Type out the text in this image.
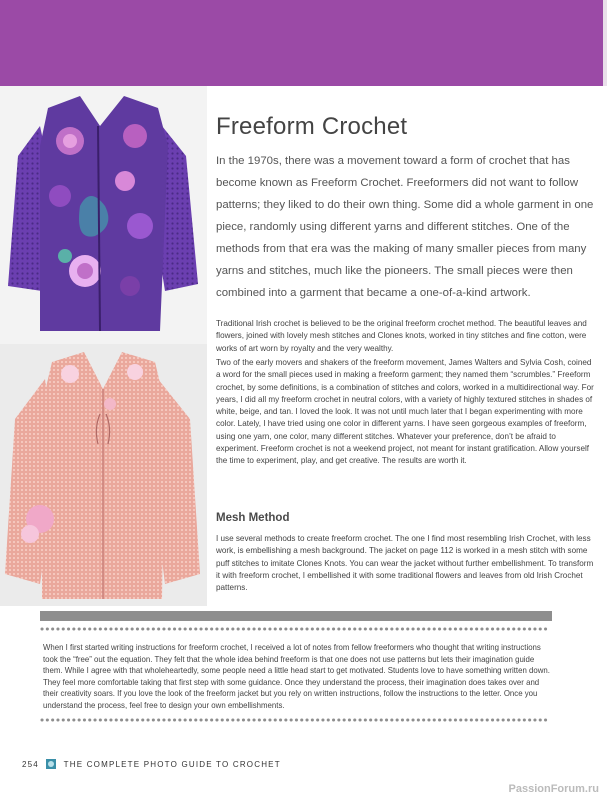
Freeform Crochet

In the 1970s, there was a movement toward a form of crochet that has become known as Freeform Crochet. Freeformers did not want to follow patterns; they liked to do their own thing. Some did a whole garment in one piece, randomly using different yarns and different stitches. One of the methods from that era was the making of many smaller pieces from many yarns and stitches, much like the pioneers. The small pieces were then combined into a garment that became a one-of-a-kind artwork.

Traditional Irish crochet is believed to be the original freeform crochet method. The beautiful leaves and flowers, joined with lovely mesh stitches and Clones knots, worked in tiny stitches and fine cotton, were works of art worn by royalty and the very wealthy.

Two of the early movers and shakers of the freeform movement, James Walters and Sylvia Cosh, coined a word for the small pieces used in making a freeform garment; they named them “scrumbles.” Freeform crochet, by some definitions, is a combination of stitches and colors, worked in a multidirectional way. For years, I did all my freeform crochet in neutral colors, with a variety of highly textured stitches in shades of white, beige, and tan. I loved the look. It was not until much later that I began experimenting with more color. Lately, I have tried using one color in different yarns. I have seen gorgeous examples of freeform, using one yarn, one color, many different stitches. Whatever your preference, don’t be afraid to experiment. Freeform crochet is not a weekend project, not meant for instant gratification. Allow yourself the time to experiment, play, and get creative. The results are worth it.

Mesh Method

I use several methods to create freeform crochet. The one I find most resembling Irish Crochet, with less work, is embellishing a mesh background. The jacket on page 112 is worked in a mesh stitch with some puff stitches to imitate Clones Knots. You can wear the jacket without further embellishment. To transform it with freeform crochet, I embellished it with some traditional flowers and leaves from old Irish Crochet patterns.

When I first started writing instructions for freeform crochet, I received a lot of notes from fellow freeformers who thought that writing instructions took the “free” out the equation. They felt that the whole idea behind freeform is that one does not use patterns but lets their imagination guide them. While I agree with that wholeheartedly, some people need a little head start to get motivated. Students love to have something written down. They feel more comfortable taking that first step with some guidance. Once they understand the process, their imagination does takes over and their creativity soars. If you love the look of the freeform jacket but you rely on written instructions, follow the instructions to the letter. Once you understand the process, feel free to design your own embellishments.

254	THE COMPLETE PHOTO GUIDE TO CROCHET
PassionForum.ru
